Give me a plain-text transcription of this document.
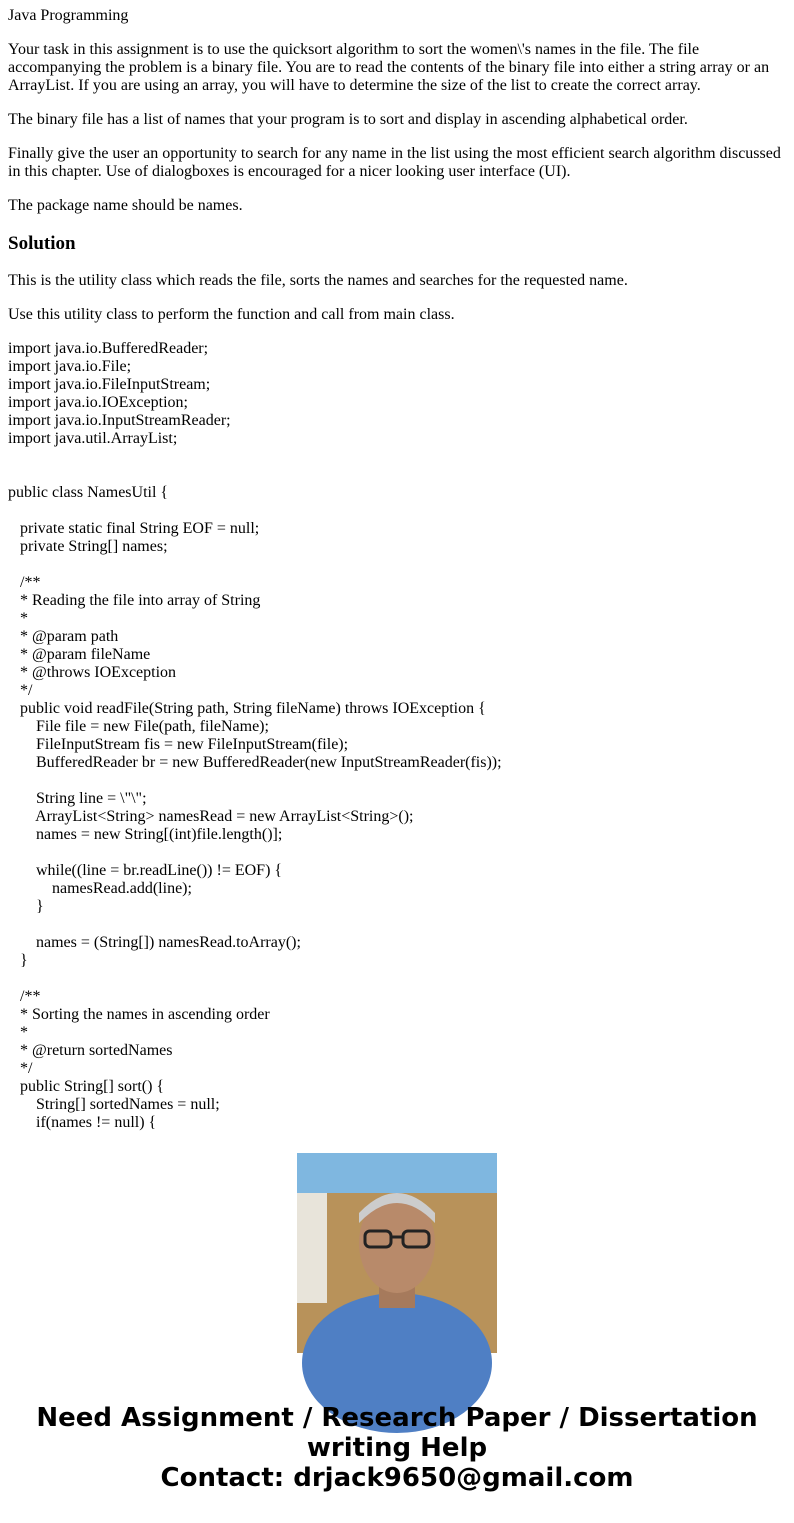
Java Programming

Your task in this assignment is to use the quicksort algorithm to sort the women\'s names in the file. The file accompanying the problem is a binary file. You are to read the contents of the binary file into either a string array or an ArrayList. If you are using an array, you will have to determine the size of the list to create the correct array.

The binary file has a list of names that your program is to sort and display in ascending alphabetical order.

Finally give the user an opportunity to search for any name in the list using the most efficient search algorithm discussed in this chapter. Use of dialogboxes is encouraged for a nicer looking user interface (UI).

The package name should be names.

Solution

This is the utility class which reads the file, sorts the names and searches for the requested name.

Use this utility class to perform the function and call from main class.

import java.io.BufferedReader;
import java.io.File;
import java.io.FileInputStream;
import java.io.IOException;
import java.io.InputStreamReader;
import java.util.ArrayList;
public class NamesUtil {
private static final String EOF = null;
private String[] names;
/**
* Reading the file into array of String
*
* @param path
* @param fileName
* @throws IOException
*/
public void readFile(String path, String fileName) throws IOException {
File file = new File(path, fileName);
FileInputStream fis = new FileInputStream(file);
BufferedReader br = new BufferedReader(new InputStreamReader(fis));
String line = \"\";
ArrayList<String> namesRead = new ArrayList<String>();
names = new String[(int)file.length()];
while((line = br.readLine()) != EOF) {
namesRead.add(line);
}
names = (String[]) namesRead.toArray();
}
/**
* Sorting the names in ascending order
*
* @return sortedNames
*/
public String[] sort() {
String[] sortedNames = null;
if(names != null) {
Need Assignment / Research Paper / Dissertation writing Help
Contact: drjack9650@gmail.com
